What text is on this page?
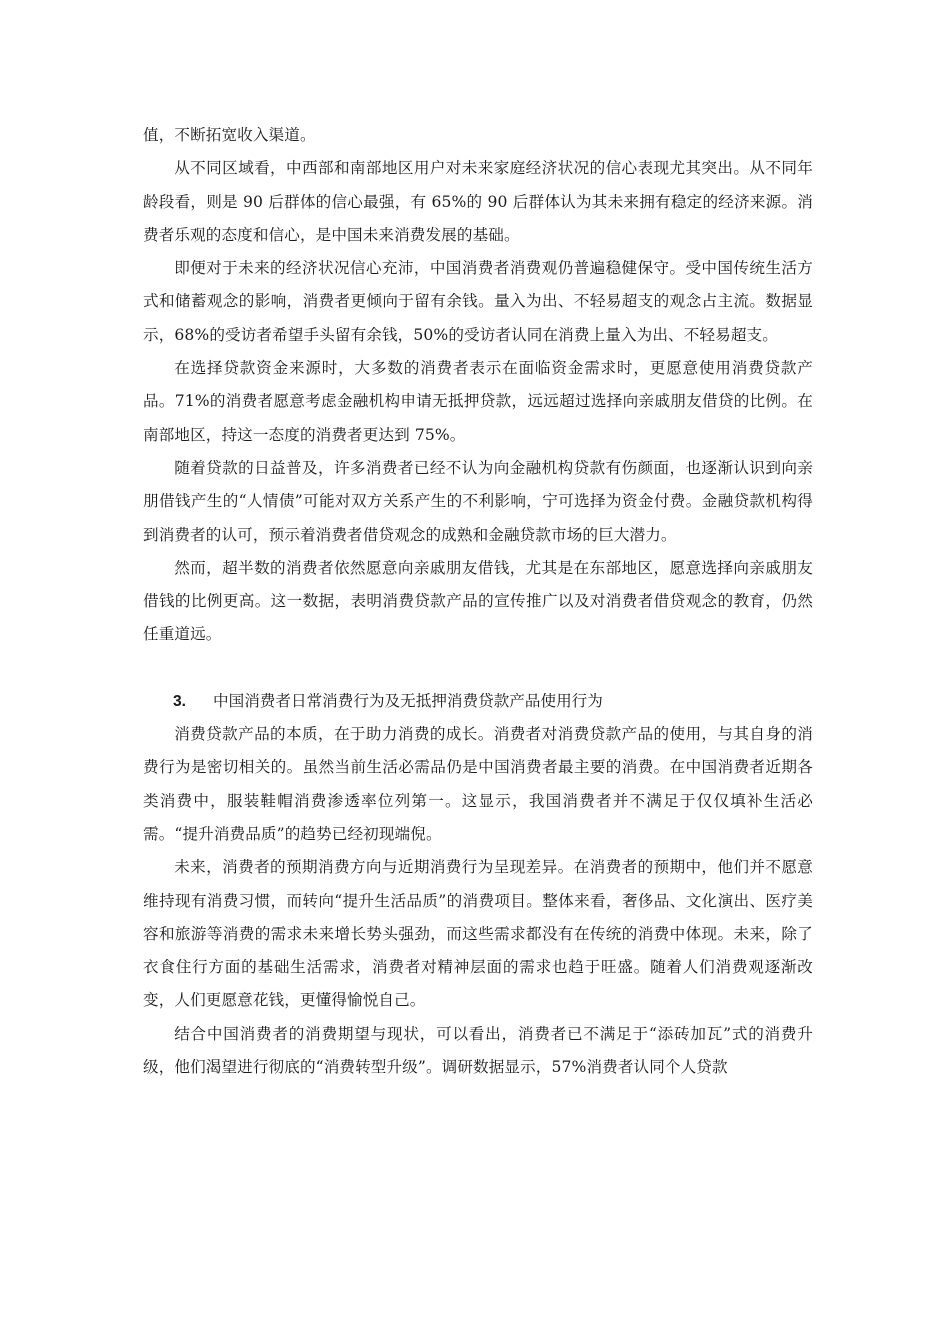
值，不断拓宽收入渠道。

从不同区域看，中西部和南部地区用户对未来家庭经济状况的信心表现尤其突出。从不同年龄段看，则是 90 后群体的信心最强，有 65%的 90 后群体认为其未来拥有稳定的经济来源。消费者乐观的态度和信心，是中国未来消费发展的基础。

即便对于未来的经济状况信心充沛，中国消费者消费观仍普遍稳健保守。受中国传统生活方式和储蓄观念的影响，消费者更倾向于留有余钱。量入为出、不轻易超支的观念占主流。数据显示，68%的受访者希望手头留有余钱，50%的受访者认同在消费上量入为出、不轻易超支。

在选择贷款资金来源时，大多数的消费者表示在面临资金需求时，更愿意使用消费贷款产品。71%的消费者愿意考虑金融机构申请无抵押贷款，远远超过选择向亲戚朋友借贷的比例。在南部地区，持这一态度的消费者更达到 75%。

随着贷款的日益普及，许多消费者已经不认为向金融机构贷款有伤颜面，也逐渐认识到向亲朋借钱产生的“人情债”可能对双方关系产生的不利影响，宁可选择为资金付费。金融贷款机构得到消费者的认可，预示着消费者借贷观念的成熟和金融贷款市场的巨大潜力。

然而，超半数的消费者依然愿意向亲戚朋友借钱，尤其是在东部地区，愿意选择向亲戚朋友借钱的比例更高。这一数据，表明消费贷款产品的宣传推广以及对消费者借贷观念的教育，仍然任重道远。

3. 中国消费者日常消费行为及无抵押消费贷款产品使用行为

消费贷款产品的本质，在于助力消费的成长。消费者对消费贷款产品的使用，与其自身的消费行为是密切相关的。虽然当前生活必需品仍是中国消费者最主要的消费。在中国消费者近期各类消费中，服装鞋帽消费渗透率位列第一。这显示，我国消费者并不满足于仅仅填补生活必需。“提升消费品质”的趋势已经初现端倪。

未来，消费者的预期消费方向与近期消费行为呈现差异。在消费者的预期中，他们并不愿意维持现有消费习惯，而转向“提升生活品质”的消费项目。整体来看，奢侈品、文化演出、医疗美容和旅游等消费的需求未来增长势头强劲，而这些需求都没有在传统的消费中体现。未来，除了衣食住行方面的基础生活需求，消费者对精神层面的需求也趋于旺盛。随着人们消费观逐渐改变，人们更愿意花钱，更懂得愉悦自己。

结合中国消费者的消费期望与现状，可以看出，消费者已不满足于“添砖加瓦”式的消费升级，他们渴望进行彻底的“消费转型升级”。调研数据显示，57%消费者认同个人贷款
